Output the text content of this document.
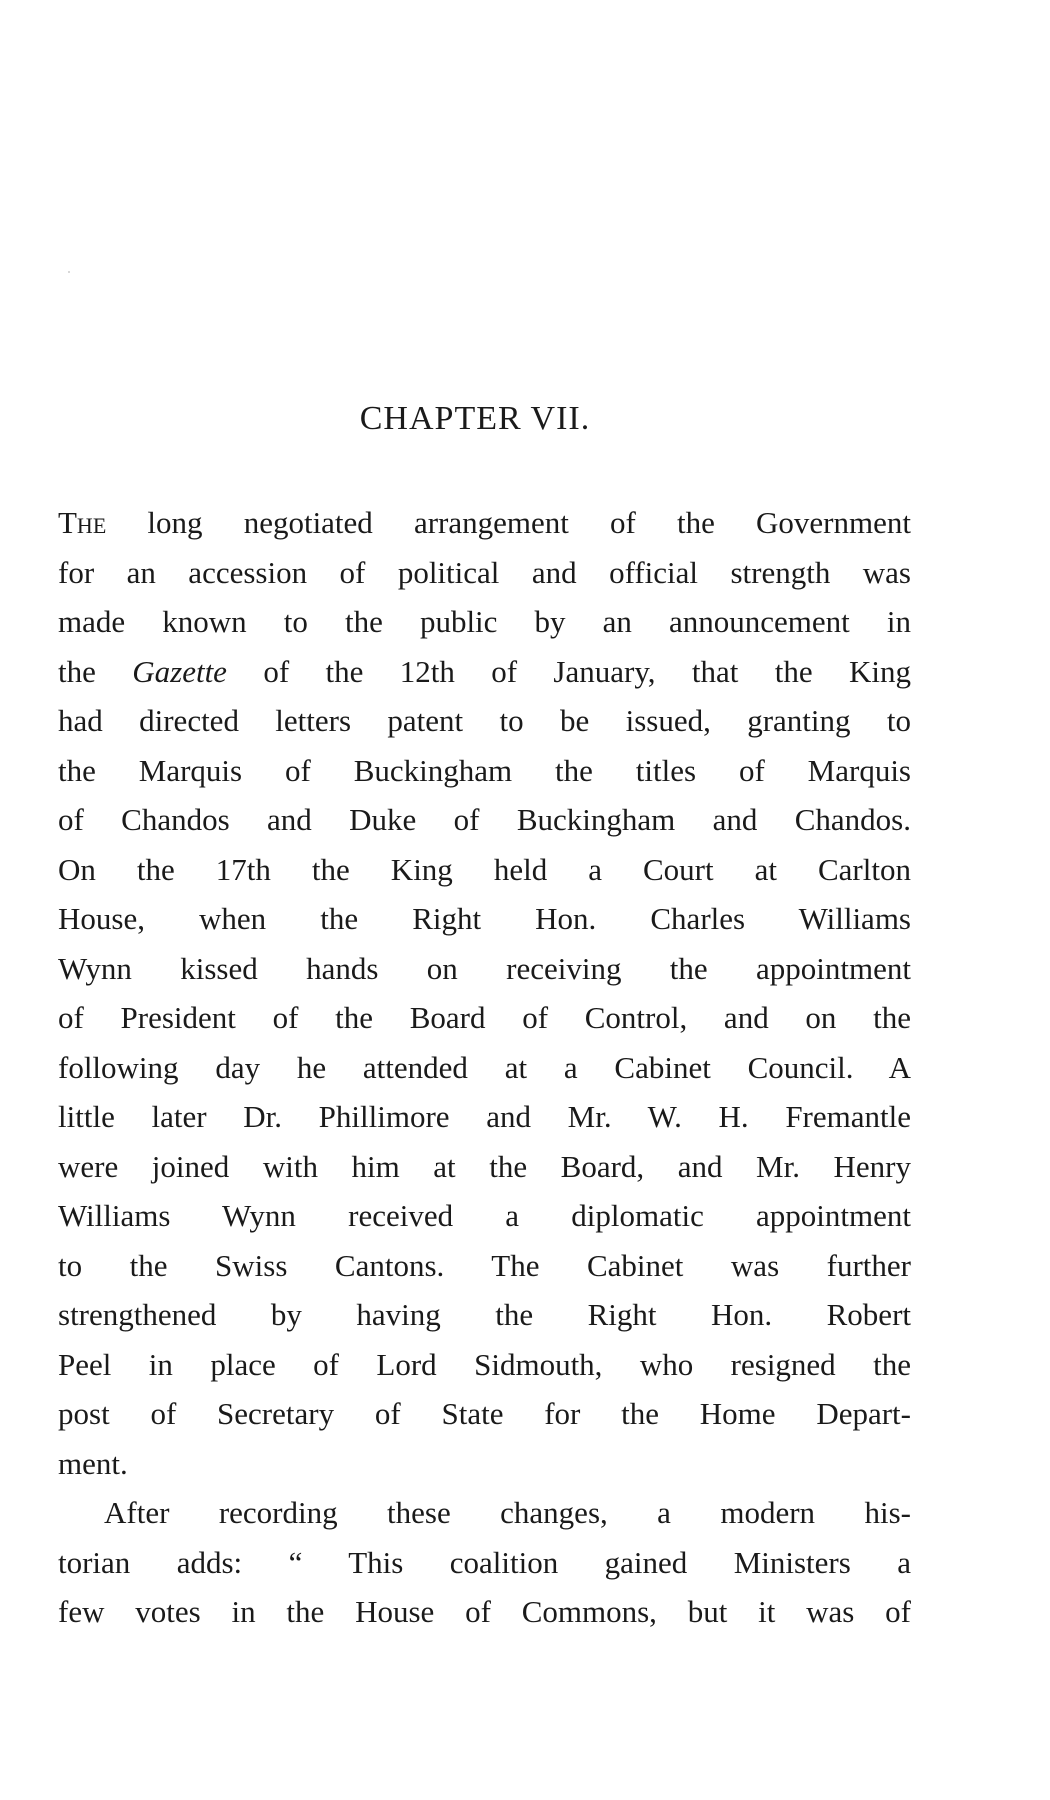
CHAPTER VII.
The long negotiated arrangement of the Government
for an accession of political and official strength was
made known to the public by an announcement in
the Gazette of the 12th of January, that the King
had directed letters patent to be issued, granting to
the Marquis of Buckingham the titles of Marquis
of Chandos and Duke of Buckingham and Chandos.
On the 17th the King held a Court at Carlton
House, when the Right Hon. Charles Williams
Wynn kissed hands on receiving the appointment
of President of the Board of Control, and on the
following day he attended at a Cabinet Council. A
little later Dr. Phillimore and Mr. W. H. Fremantle
were joined with him at the Board, and Mr. Henry
Williams Wynn received a diplomatic appointment
to the Swiss Cantons. The Cabinet was further
strengthened by having the Right Hon. Robert
Peel in place of Lord Sidmouth, who resigned the
post of Secretary of State for the Home Depart-
ment.
After recording these changes, a modern his-
torian adds: “ This coalition gained Ministers a
few votes in the House of Commons, but it was of
